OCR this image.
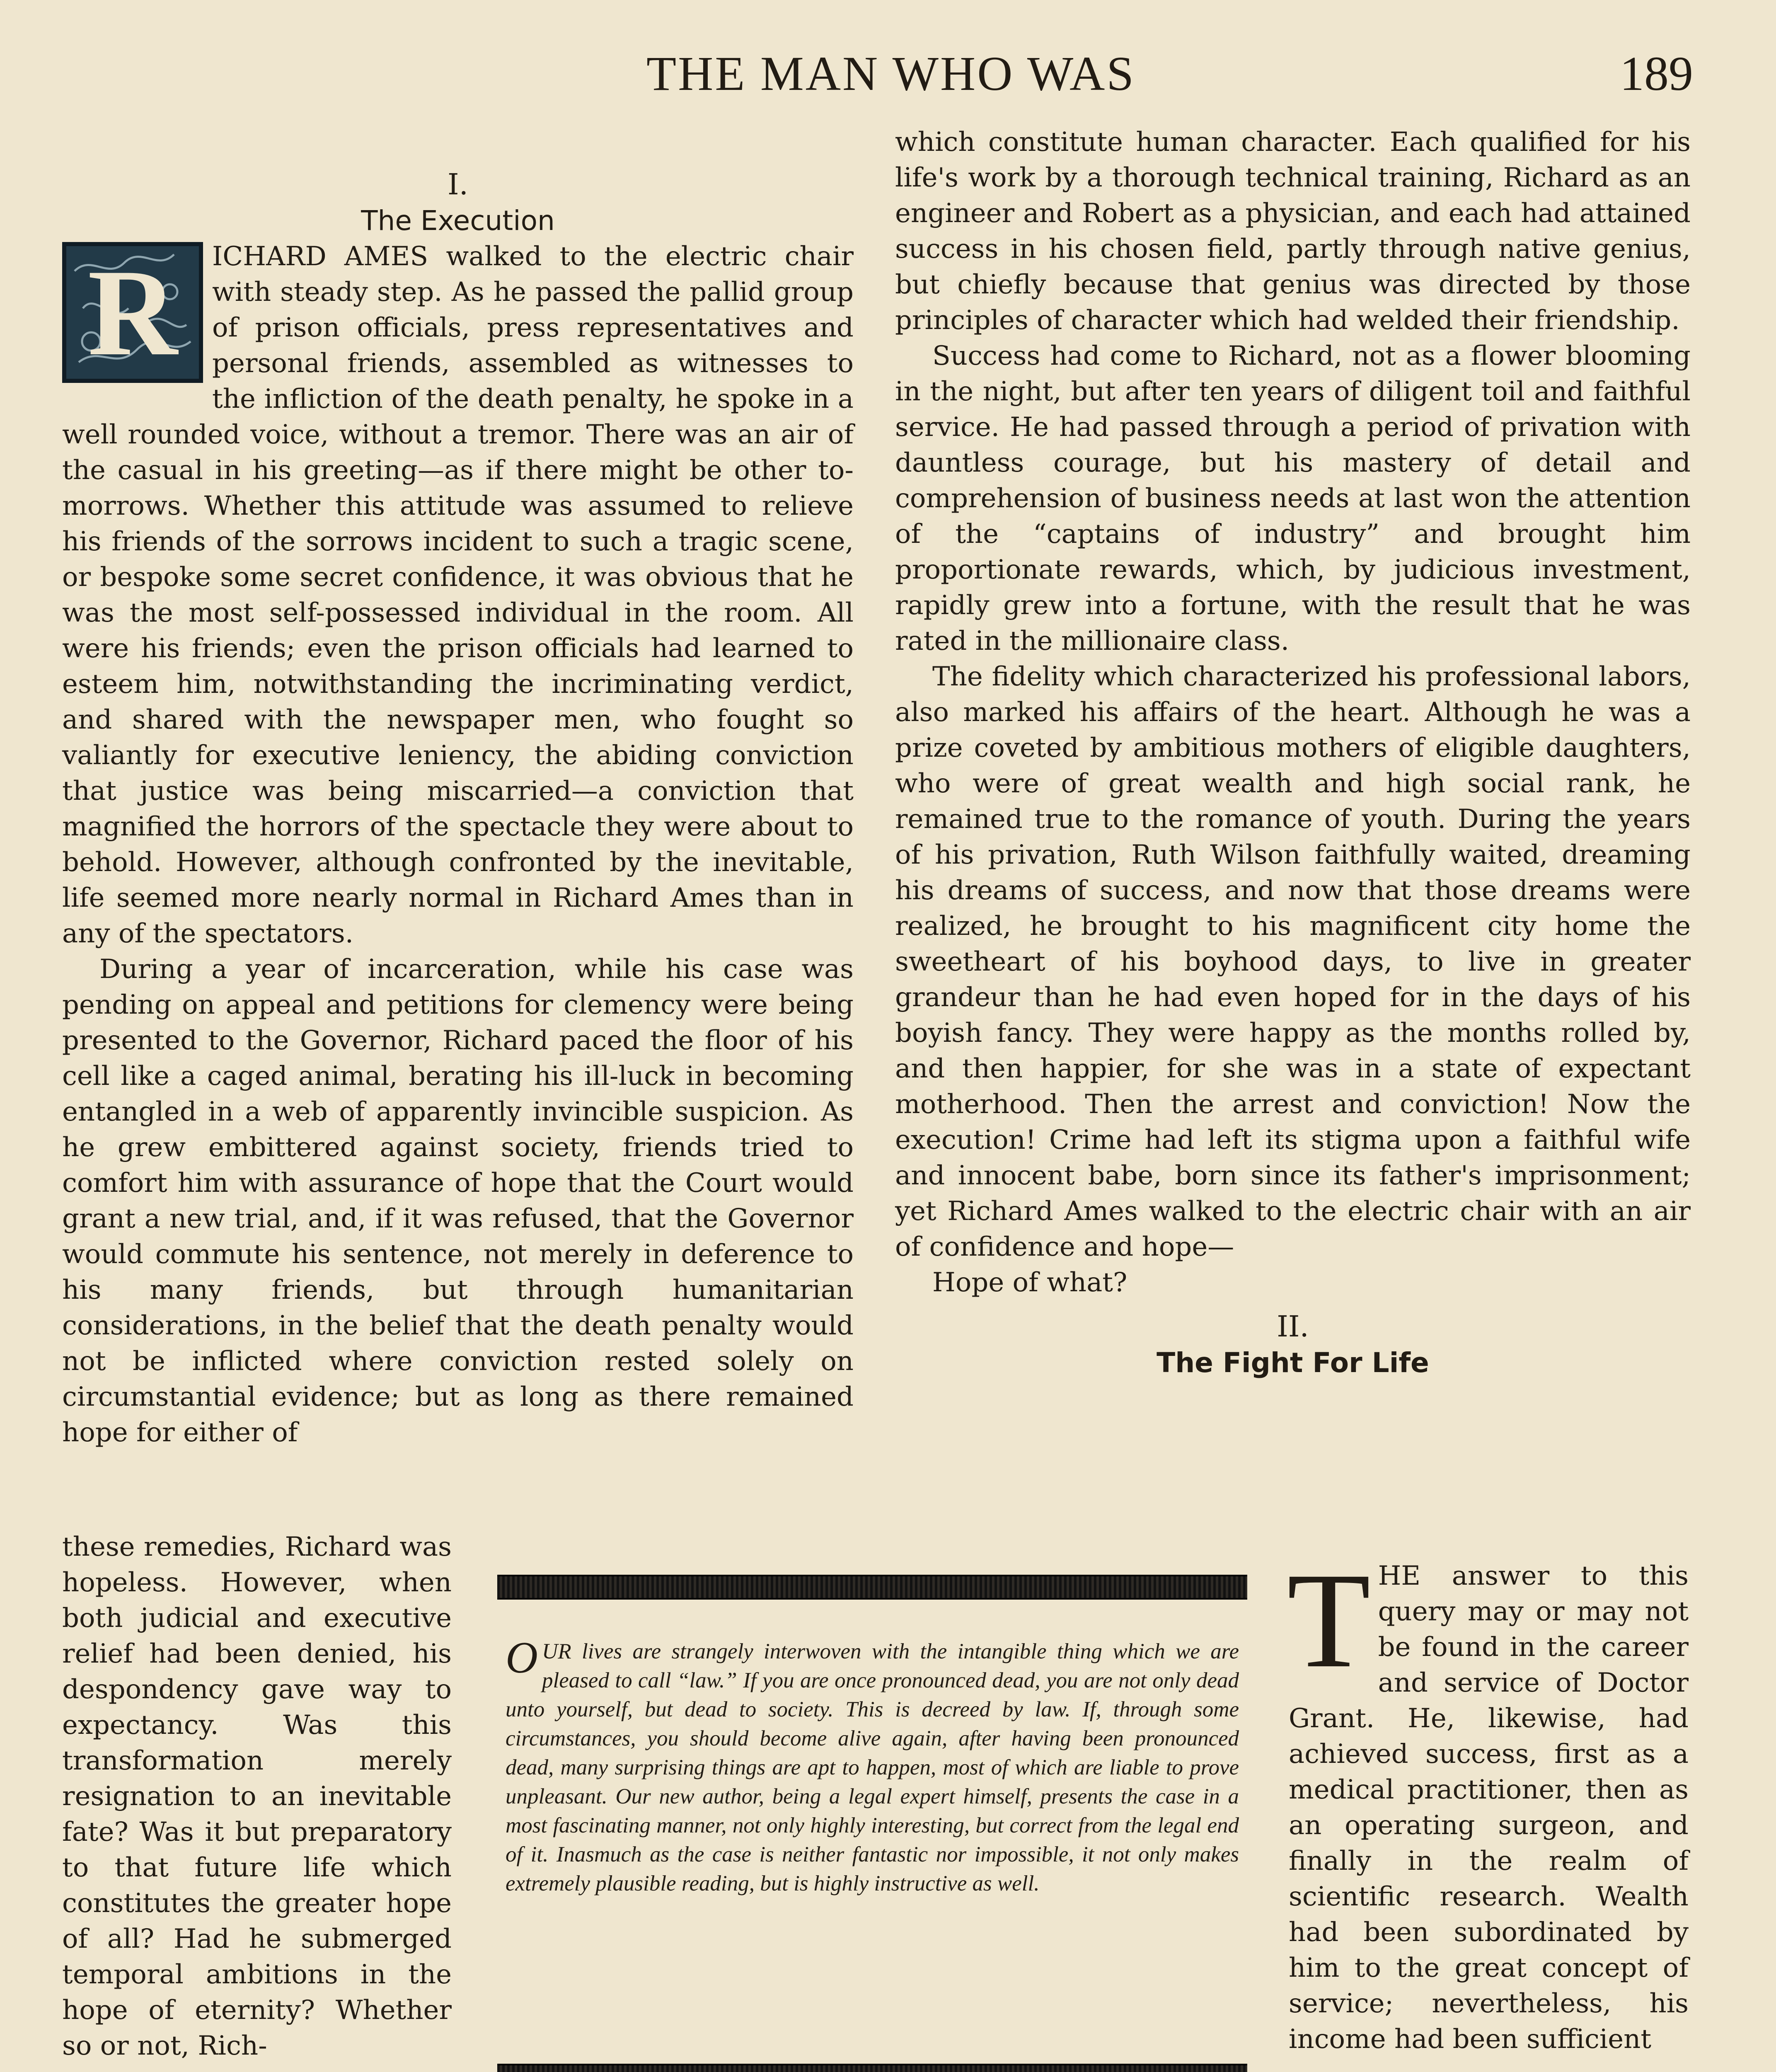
THE MAN WHO WAS	189

I.

The Execution

R ICHARD AMES walked to the electric chair with steady step. As he passed the pallid group of prison officials, press representatives and personal friends, assembled as witnesses to the infliction of the death penalty, he spoke in a well rounded voice, without a tremor. There was an air of the casual in his greeting—as if there might be other to-morrows. Whether this attitude was assumed to relieve his friends of the sorrows incident to such a tragic scene, or bespoke some secret confidence, it was obvious that he was the most self-possessed individual in the room. All were his friends; even the prison officials had learned to esteem him, notwithstanding the incriminating verdict, and shared with the newspaper men, who fought so valiantly for executive leniency, the abiding conviction that justice was being miscarried—a conviction that magnified the horrors of the spectacle they were about to behold. However, although confronted by the inevitable, life seemed more nearly normal in Richard Ames than in any of the spectators.

During a year of incarceration, while his case was pending on appeal and petitions for clemency were being presented to the Governor, Richard paced the floor of his cell like a caged animal, berating his ill-luck in becoming entangled in a web of apparently invincible suspicion. As he grew embittered against society, friends tried to comfort him with assurance of hope that the Court would grant a new trial, and, if it was refused, that the Governor would commute his sentence, not merely in deference to his many friends, but through humanitarian considerations, in the belief that the death penalty would not be inflicted where conviction rested solely on circumstantial evidence; but as long as there remained hope for either of

these remedies, Richard was hopeless. However, when both judicial and executive relief had been denied, his despondency gave way to expectancy. Was this transformation merely resignation to an inevitable fate? Was it but preparatory to that future life which constitutes the greater hope of all? Had he submerged temporal ambitions in the hope of eternity? Whether so or not, Rich-

which constitute human character. Each qualified for his life's work by a thorough technical training, Richard as an engineer and Robert as a physician, and each had attained success in his chosen field, partly through native genius, but chiefly because that genius was directed by those principles of character which had welded their friendship.

Success had come to Richard, not as a flower blooming in the night, but after ten years of diligent toil and faithful service. He had passed through a period of privation with dauntless courage, but his mastery of detail and comprehension of business needs at last won the attention of the “captains of industry” and brought him proportionate rewards, which, by judicious investment, rapidly grew into a fortune, with the result that he was rated in the millionaire class.

The fidelity which characterized his professional labors, also marked his affairs of the heart. Although he was a prize coveted by ambitious mothers of eligible daughters, who were of great wealth and high social rank, he remained true to the romance of youth. During the years of his privation, Ruth Wilson faithfully waited, dreaming his dreams of success, and now that those dreams were realized, he brought to his magnificent city home the sweetheart of his boyhood days, to live in greater grandeur than he had even hoped for in the days of his boyish fancy. They were happy as the months rolled by, and then happier, for she was in a state of expectant motherhood. Then the arrest and conviction! Now the execution! Crime had left its stigma upon a faithful wife and innocent babe, born since its father's imprisonment; yet Richard Ames walked to the electric chair with an air of confidence and hope—

Hope of what?

II.

The Fight For Life

T HE answer to this query may or may not be found in the career and service of Doctor Grant. He, likewise, had achieved success, first as a medical practitioner, then as an operating surgeon, and finally in the realm of scientific research. Wealth had been subordinated by him to the great concept of service; nevertheless, his income had been sufficient

O UR lives are strangely interwoven with the intangible thing which we are pleased to call “law.” If you are once pronounced dead, you are not only dead unto yourself, but dead to society. This is decreed by law. If, through some circumstances, you should become alive again, after having been pronounced dead, many surprising things are apt to happen, most of which are liable to prove unpleasant. Our new author, being a legal expert himself, presents the case in a most fascinating manner, not only highly interesting, but correct from the legal end of it. Inasmuch as the case is neither fantastic nor impossible, it not only makes extremely plausible reading, but is highly instructive as well.
